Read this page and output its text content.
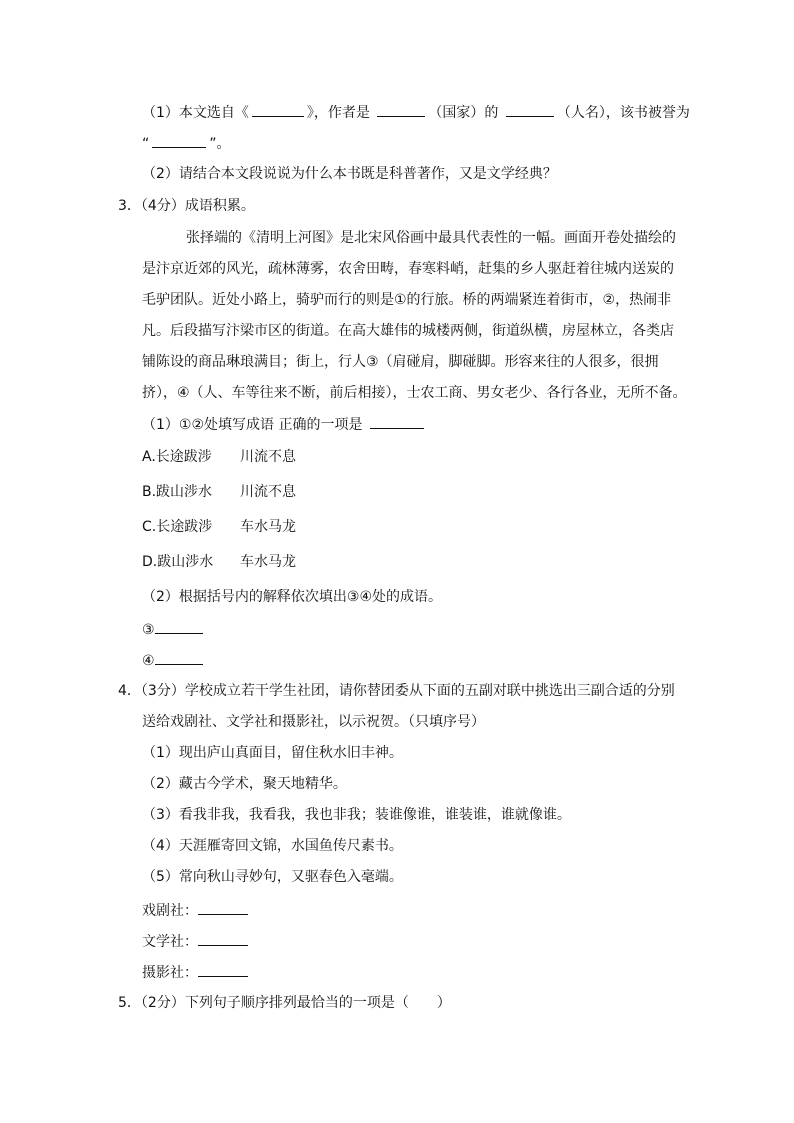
（1）本文选自《	》，作者是	（国家）的	（人名），该书被誉为
“	”。
（2）请结合本文段说说为什么本书既是科普著作，又是文学经典？
3．（4分）成语积累。
张择端的《清明上河图》是北宋风俗画中最具代表性的一幅。画面开卷处描绘的
是汴京近郊的风光，疏林薄雾，农舍田畴，春寒料峭，赶集的乡人驱赶着往城内送炭的
毛驴团队。近处小路上，骑驴而行的则是①的行旅。桥的两端紧连着街市，②，热闹非
凡。后段描写汴梁市区的街道。在高大雄伟的城楼两侧，街道纵横，房屋林立，各类店
铺陈设的商品琳琅满目；街上，行人③（肩碰肩，脚碰脚。形容来往的人很多，很拥
挤），④（人、车等往来不断，前后相接），士农工商、男女老少、各行各业，无所不备。
（1）①②处填写成语 正确的一项是
A.长途跋涉 川流不息
B.跋山涉水 川流不息
C.长途跋涉 车水马龙
D.跋山涉水 车水马龙
（2）根据括号内的解释依次填出③④处的成语。
③
④
4．（3分）学校成立若干学生社团，请你替团委从下面的五副对联中挑选出三副合适的分别
送给戏剧社、文学社和摄影社，以示祝贺。（只填序号）
（1）现出庐山真面目，留住秋水旧丰神。
（2）藏古今学术，聚天地精华。
（3）看我非我，我看我，我也非我；装谁像谁，谁装谁，谁就像谁。
（4）天涯雁寄回文锦，水国鱼传尺素书。
（5）常向秋山寻妙句，又驱春色入毫端。
戏剧社：
文学社：
摄影社：
5．（2分）下列句子顺序排列最恰当的一项是（ ）
